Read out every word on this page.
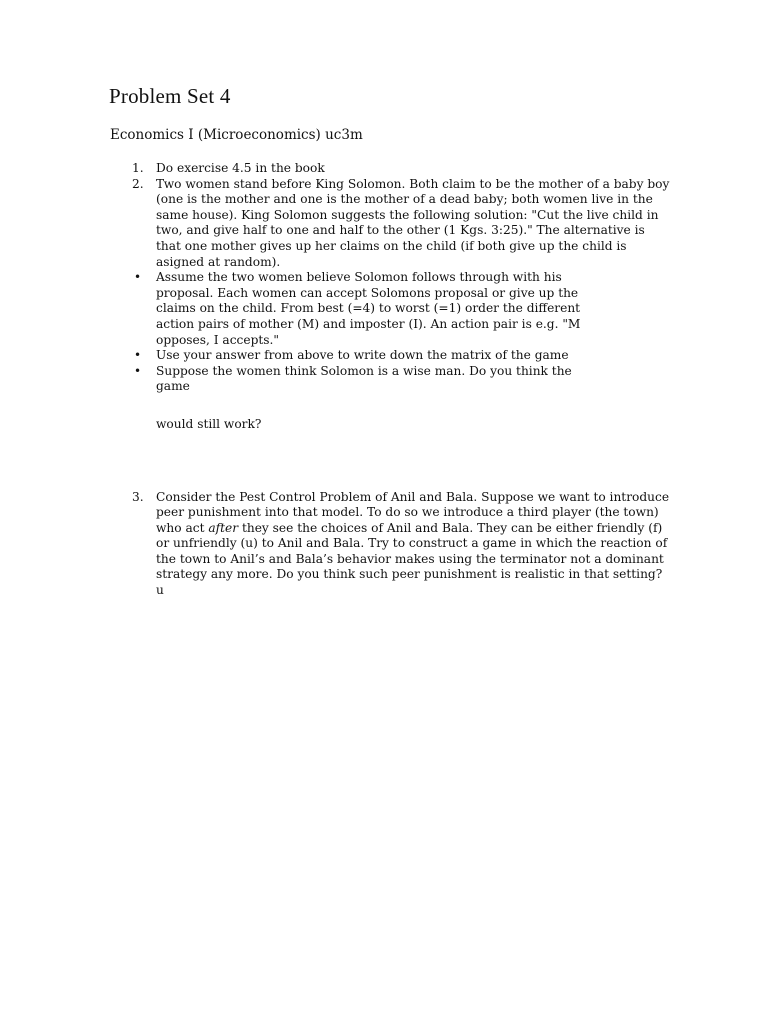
Problem Set 4
Economics I (Microeconomics) uc3m
1. Do exercise 4.5 in the book
2. Two women stand before King Solomon. Both claim to be the mother of a baby boy (one is the mother and one is the mother of a dead baby; both women live in the same house). King Solomon suggests the following solution: "Cut the live child in two, and give half to one and half to the other (1 Kgs. 3:25)." The alternative is that one mother gives up her claims on the child (if both give up the child is asigned at random).
• Assume the two women believe Solomon follows through with his proposal. Each women can accept Solomons proposal or give up the claims on the child. From best (=4) to worst (=1) order the different action pairs of mother (M) and imposter (I). An action pair is e.g. "M opposes, I accepts."
• Use your answer from above to write down the matrix of the game
• Suppose the women think Solomon is a wise man. Do you think the game
would still work?
3. Consider the Pest Control Problem of Anil and Bala. Suppose we want to introduce peer punishment into that model. To do so we introduce a third player (the town) who act after they see the choices of Anil and Bala. They can be either friendly (f) or unfriendly (u) to Anil and Bala. Try to construct a game in which the reaction of the town to Anil’s and Bala’s behavior makes using the terminator not a dominant strategy any more. Do you think such peer punishment is realistic in that setting? u
